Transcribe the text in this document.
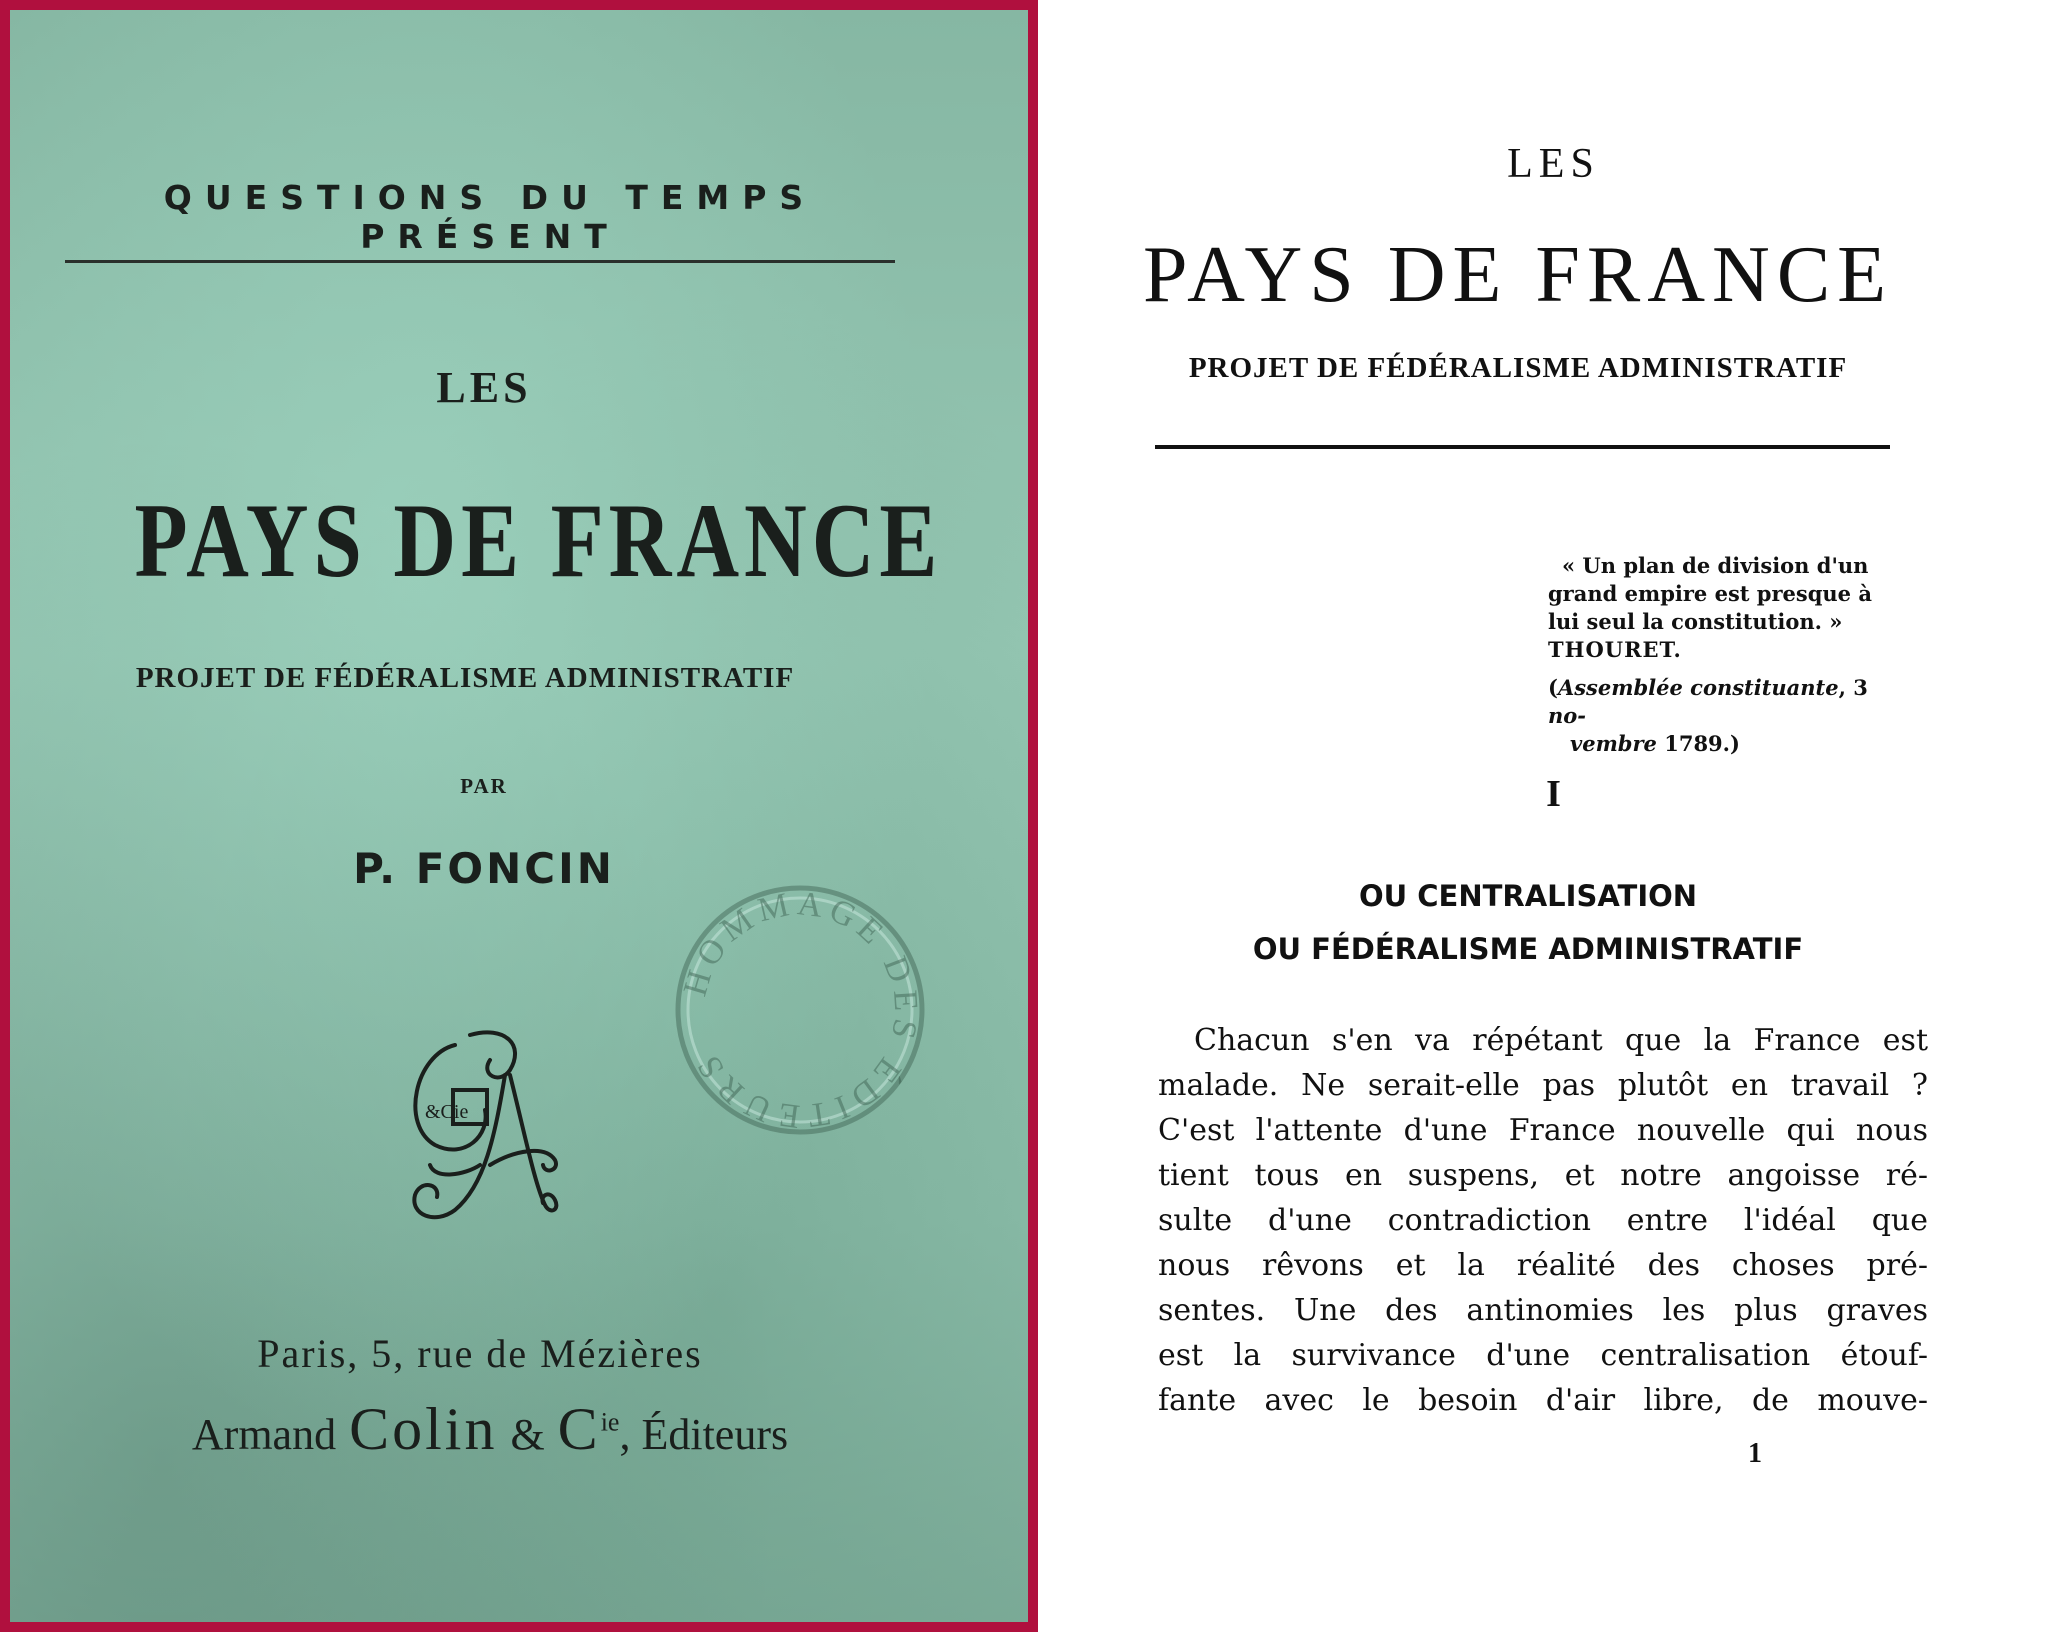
QUESTIONS DU TEMPS PRÉSENT
LES
PAYS DE FRANCE
PROJET DE FÉDÉRALISME ADMINISTRATIF
PAR
P. FONCIN
&Cie
HOMMAGE DES ÉDITEURS
Paris, 5, rue de Mézières
Armand Colin & $C^{ie}$, Éditeurs
LES
PAYS DE FRANCE
PROJET DE FÉDÉRALISME ADMINISTRATIF
« Un plan de division d'un
grand empire est presque à
lui seul la constitution. »
THOURET.
(Assemblée constituante, 3 no-
vembre 1789.)
I
OU CENTRALISATION
OU FÉDÉRALISME ADMINISTRATIF
Chacun s'en va répétant que la France est
malade. Ne serait-elle pas plutôt en travail ?
C'est l'attente d'une France nouvelle qui nous
tient tous en suspens, et notre angoisse ré-
sulte d'une contradiction entre l'idéal que
nous rêvons et la réalité des choses pré-
sentes. Une des antinomies les plus graves
est la survivance d'une centralisation étouf-
fante avec le besoin d'air libre, de mouve-
1
